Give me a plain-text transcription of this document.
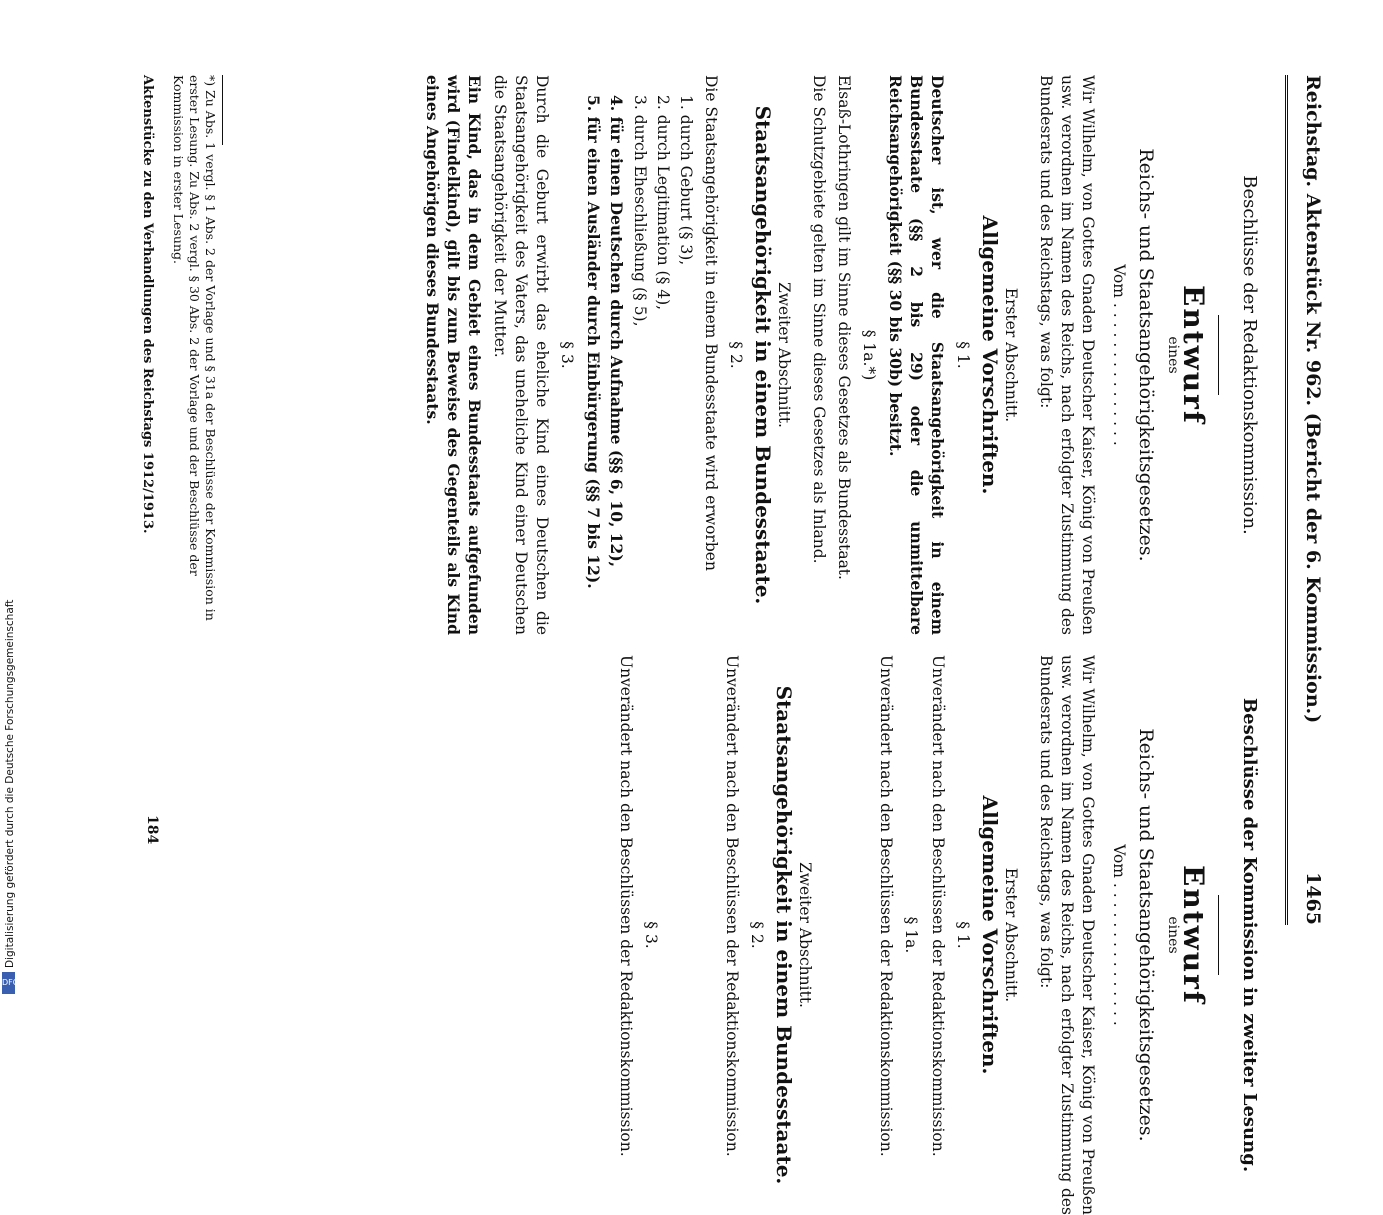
Digitalisierung gefördert durch die Deutsche Forschungsgemeinschaft
DFG
Reichstag. Aktenstück Nr. 962. (Bericht der 6. Kommission.)
1465
Beschlüsse der Redaktionskommission.
Entwurf
eines
Reichs- und Staatsangehörigkeitsgesetzes.
Vom . . . . . . . . . . . . . . .
Wir Wilhelm, von Gottes Gnaden Deutscher Kaiser, König von Preußen usw. verordnen im Namen des Reichs, nach erfolgter Zustimmung des Bundesrats und des Reichstags, was folgt:
Erster Abschnitt.
Allgemeine Vorschriften.
§ 1.
Deutscher ist, wer die Staatsangehörigkeit in einem Bundesstaate (§§ 2 bis 29) oder die unmittelbare Reichsangehörigkeit (§§ 30 bis 30b) besitzt.
§ 1a.*)
Elsaß-Lothringen gilt im Sinne dieses Gesetzes als Bundesstaat.
Die Schutzgebiete gelten im Sinne dieses Gesetzes als Inland.
Zweiter Abschnitt.
Staatsangehörigkeit in einem Bundesstaate.
§ 2.
Die Staatsangehörigkeit in einem Bundesstaate wird erworben
1. durch Geburt (§ 3),
2. durch Legitimation (§ 4),
3. durch Eheschließung (§ 5),
4. für einen Deutschen durch Aufnahme (§§ 6, 10, 12),
5. für einen Ausländer durch Einbürgerung (§§ 7 bis 12).
§ 3.
Durch die Geburt erwirbt das eheliche Kind eines Deutschen die Staatsangehörigkeit des Vaters, das uneheliche Kind einer Deutschen die Staatsangehörigkeit der Mutter.
Ein Kind, das in dem Gebiet eines Bundesstaats aufgefunden wird (Findelkind), gilt bis zum Beweise des Gegenteils als Kind eines Angehörigen dieses Bundesstaats.
*) Zu Abs. 1 vergl. § 1 Abs. 2 der Vorlage und § 31a der Beschlüsse der Kommission in erster Lesung. Zu Abs. 2 vergl. § 30 Abs. 2 der Vorlage und der Beschlüsse der Kommission in erster Lesung.
Beschlüsse der Kommission in zweiter Lesung.
Entwurf
eines
Reichs- und Staatsangehörigkeitsgesetzes.
Vom . . . . . . . . . . . . . . .
Wir Wilhelm, von Gottes Gnaden Deutscher Kaiser, König von Preußen usw. verordnen im Namen des Reichs, nach erfolgter Zustimmung des Bundesrats und des Reichstags, was folgt:
Erster Abschnitt.
Allgemeine Vorschriften.
§ 1.
Unverändert nach den Beschlüssen der Redaktionskommission.
§ 1a.
Unverändert nach den Beschlüssen der Redaktionskommission.
Zweiter Abschnitt.
Staatsangehörigkeit in einem Bundesstaate.
§ 2.
Unverändert nach den Beschlüssen der Redaktionskommission.
§ 3.
Unverändert nach den Beschlüssen der Redaktionskommission.
Aktenstücke zu den Verhandlungen des Reichstags 1912/1913.
184
